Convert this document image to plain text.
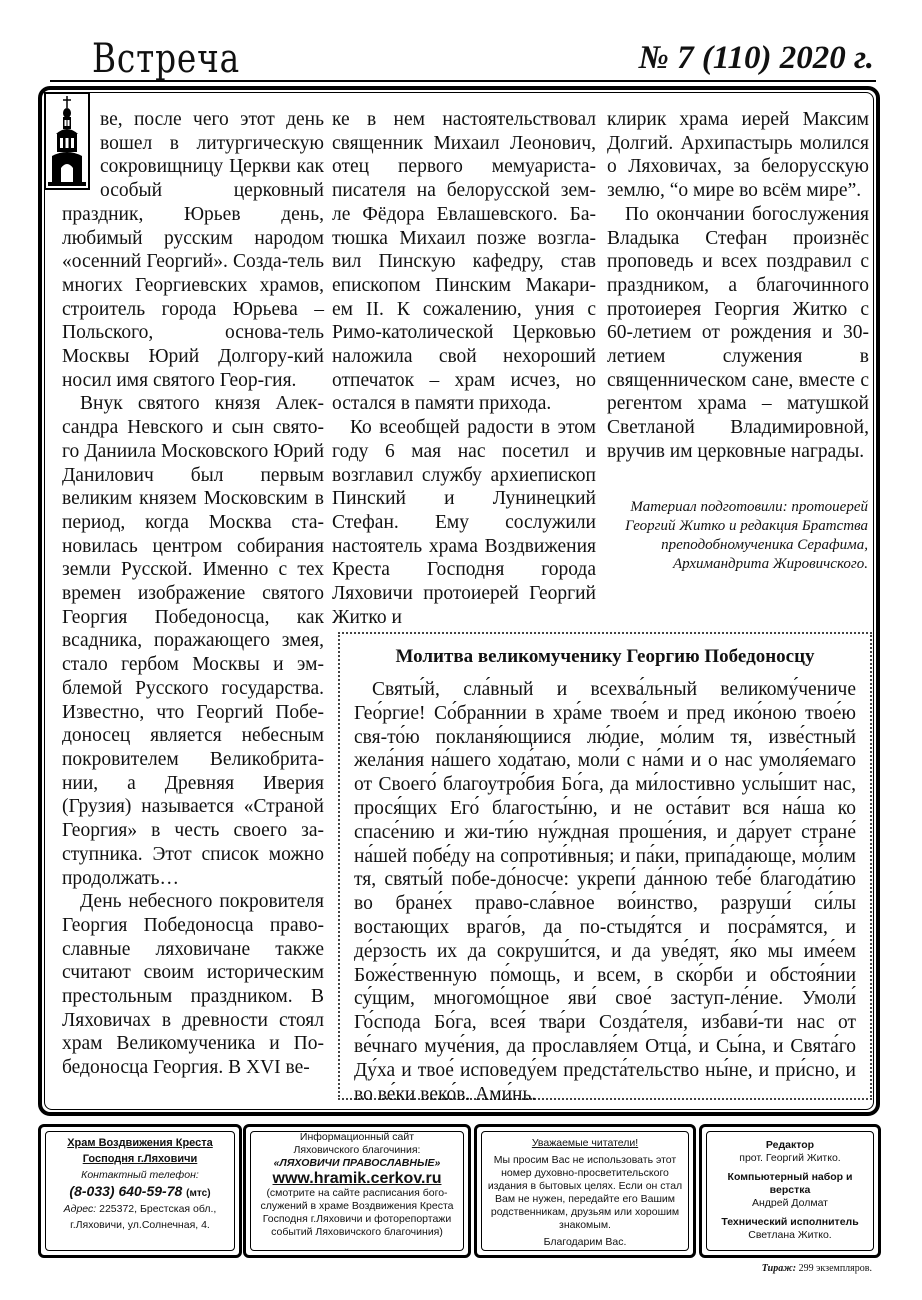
Встреча	№ 7 (110) 2020 г.

ве, после чего этот день вошел в литургическую сокровищницу Церкви как особый церковный праздник, Юрьев день, любимый русским народом «осенний Георгий». Созда-тель многих Георгиевских храмов, строитель города Юрьева – Польского, основа-тель Москвы Юрий Долгору-кий носил имя святого Геор-гия.

Внук святого князя Алек-сандра Невского и сын свято-го Даниила Московского Юрий Данилович был первым великим князем Московским в период, когда Москва ста-новилась центром собирания земли Русской. Именно с тех времен изображение святого Георгия Победоносца, как всадника, поражающего змея, стало гербом Москвы и эм-блемой Русского государства. Известно, что Георгий Побе-доносец является небесным покровителем Великобрита-нии, а Древняя Иверия (Грузия) называется «Страной Георгия» в честь своего за-ступника. Этот список можно продолжать…

День небесного покровителя Георгия Победоносца право-славные ляховичане также считают своим историческим престольным праздником. В Ляховичах в древности стоял храм Великомученика и По-бедоносца Георгия. В XVI ве-

ке в нем настоятельствовал священник Михаил Леонович, отец первого мемуариста-писателя на белорусской зем-ле Фёдора Евлашевского. Ба-тюшка Михаил позже возгла-вил Пинскую кафедру, став епископом Пинским Макари-ем II. К сожалению, уния с Римо-католической Церковью наложила свой нехороший отпечаток – храм исчез, но остался в памяти прихода.

Ко всеобщей радости в этом году 6 мая нас посетил и возглавил службу архиепископ Пинский и Лунинецкий Стефан. Ему сослужили настоятель храма Воздвижения Креста Господня города Ляховичи протоиерей Георгий Житко и

клирик храма иерей Максим Долгий. Архипастырь молился о Ляховичах, за белорусскую землю, “о мире во всём мире”.

По окончании богослужения Владыка Стефан произнёс проповедь и всех поздравил с праздником, а благочинного протоиерея Георгия Житко с 60-летием от рождения и 30-летием служения в священническом сане, вместе с регентом храма – матушкой Светланой Владимировной, вручив им церковные награды.

Материал подготовили: протоиерей Георгий Житко и редакция Братства преподобномученика Серафима, Архимандрита Жировичского.
Молитва великомученику Георгию Победоносцу
Святы́й, сла́вный и всехва́льный великому́чениче Гео́ргие! Со́браннии в хра́ме твое́м и пред ико́ною твое́ю свя-то́ю покланя́ющиися лю́дие, мо́лим тя, изве́стный жела́ния на́шего хода́таю, моли́ с на́ми и о нас умоля́емаго от Своего́ благоутро́бия Бо́га, да ми́лостивно услы́шит нас, прося́щих Его́ благосты́ню, и не оста́вит вся на́ша ко спасе́нию и жи-ти́ю ну́ждная проше́ния, и да́рует стране́ на́шей побе́ду на сопроти́вныя; и па́ки, припа́дающе, мо́лим тя, святы́й побе-до́носче: укрепи́ да́нною тебе́ благода́тию во бране́х право-сла́вное во́инство, разруши́ си́лы востающих враго́в, да по-стыдя́тся и посра́мятся, и де́рзость их да сокруши́тся, и да уве́дят, я́ко мы име́ем Боже́ственную по́мощь, и всем, в ско́рби и обстоя́нии су́щим, многомо́щное яви́ свое́ заступ-ле́ние. Умоли́ Го́спода Бо́га, всея́ тва́ри Созда́теля, избави́-ти нас от ве́чнаго муче́ния, да прославля́ем Отца́, и Сы́на, и Свята́го Ду́ха и твое́ исповеду́ем предста́тельство ны́не, и при́сно, и во ве́ки веко́в. Ами́нь.
Храм Воздвижения Креста
Господня г.Ляховичи
Контактный телефон:
(8-033) 640-59-78 (мтс)
Адрес: 225372, Брестская обл.,
г.Ляховичи, ул.Солнечная, 4.
Информационный сайт
Ляховичского благочиния:
«ЛЯХОВИЧИ ПРАВОСЛАВНЫЕ»
www.hramik.cerkov.ru
(смотрите на сайте расписания бого-служений в храме Воздвижения Креста Господня г.Ляховичи и фоторепортажи событий Ляховичского благочиния)
Уважаемые читатели!
Мы просим Вас не использовать этот номер духовно-просветительского издания в бытовых целях. Если он стал Вам не нужен, передайте его Вашим родственникам, друзьям или хорошим знакомым.
Благодарим Вас.
Редактор
прот. Георгий Житко.
Компьютерный набор и верстка
Андрей Долмат
Технический исполнитель
Светлана Житко.
Тираж: 299 экземпляров.
